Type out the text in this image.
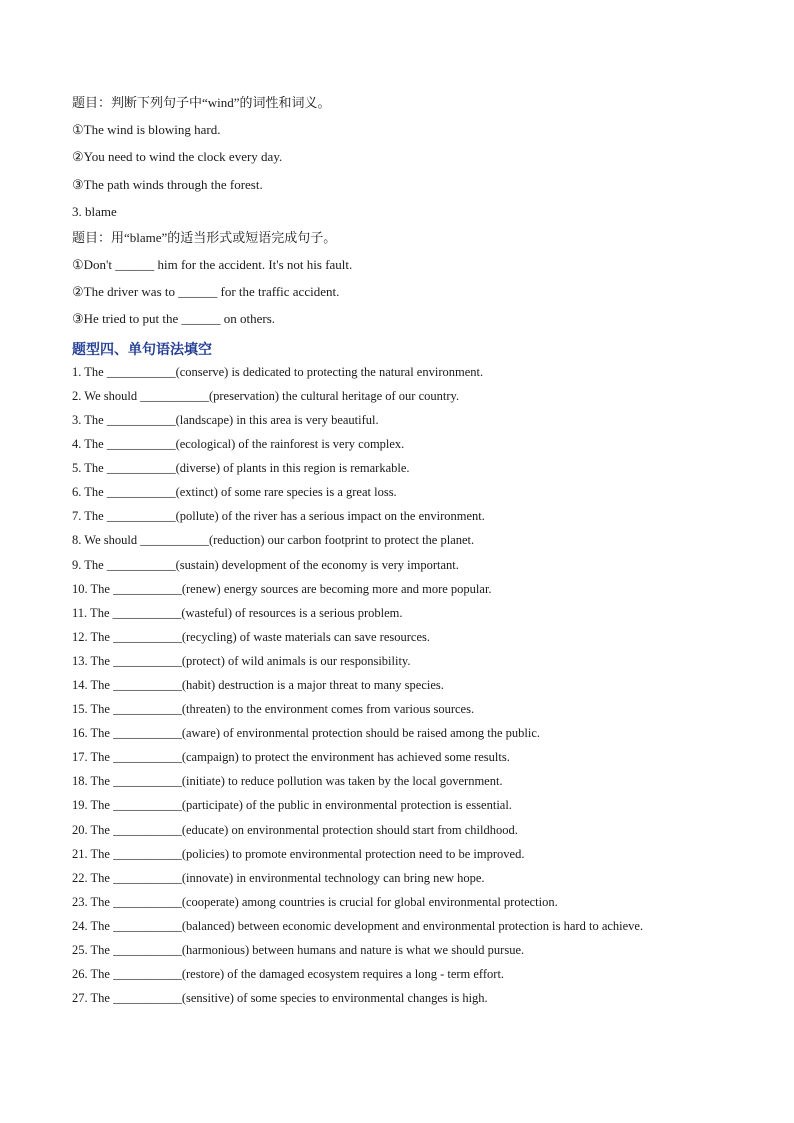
题目：判断下列句子中“wind”的词性和词义。
①The wind is blowing hard.
②You need to wind the clock every day.
③The path winds through the forest.
3. blame
题目：用“blame”的适当形式或短语完成句子。
①Don't ______ him for the accident. It's not his fault.
②The driver was to ______ for the traffic accident.
③He tried to put the ______ on others.
题型四、单句语法填空
1. The ___________(conserve) is dedicated to protecting the natural environment.
2. We should ___________(preservation) the cultural heritage of our country.
3. The ___________(landscape) in this area is very beautiful.
4. The ___________(ecological) of the rainforest is very complex.
5. The ___________(diverse) of plants in this region is remarkable.
6. The ___________(extinct) of some rare species is a great loss.
7. The ___________(pollute) of the river has a serious impact on the environment.
8. We should ___________(reduction) our carbon footprint to protect the planet.
9. The ___________(sustain) development of the economy is very important.
10. The ___________(renew) energy sources are becoming more and more popular.
11. The ___________(wasteful) of resources is a serious problem.
12. The ___________(recycling) of waste materials can save resources.
13. The ___________(protect) of wild animals is our responsibility.
14. The ___________(habit) destruction is a major threat to many species.
15. The ___________(threaten) to the environment comes from various sources.
16. The ___________(aware) of environmental protection should be raised among the public.
17. The ___________(campaign) to protect the environment has achieved some results.
18. The ___________(initiate) to reduce pollution was taken by the local government.
19. The ___________(participate) of the public in environmental protection is essential.
20. The ___________(educate) on environmental protection should start from childhood.
21. The ___________(policies) to promote environmental protection need to be improved.
22. The ___________(innovate) in environmental technology can bring new hope.
23. The ___________(cooperate) among countries is crucial for global environmental protection.
24. The ___________(balanced) between economic development and environmental protection is hard to achieve.
25. The ___________(harmonious) between humans and nature is what we should pursue.
26. The ___________(restore) of the damaged ecosystem requires a long - term effort.
27. The ___________(sensitive) of some species to environmental changes is high.
